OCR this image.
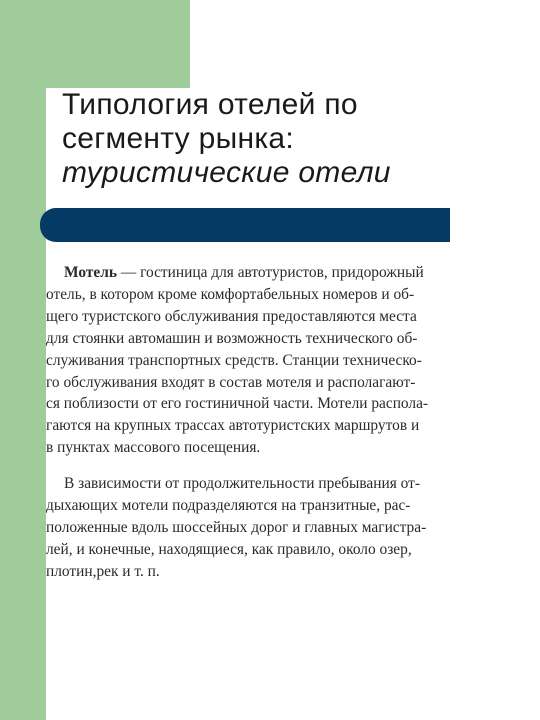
Типология отелей по
сегменту рынка:
туристические отели

Мотель — гостиница для автотуристов, придорожный
отель, в котором кроме комфортабельных номеров и об-
щего туристского обслуживания предоставляются места
для стоянки автомашин и возможность технического об-
служивания транспортных средств. Станции техническо-
го обслуживания входят в состав мотеля и располагают-
ся поблизости от его гостиничной части. Мотели распола-
гаются на крупных трассах автотуристских маршрутов и
в пунктах массового посещения.

В зависимости от продолжительности пребывания от-
дыхающих мотели подразделяются на транзитные, рас-
положенные вдоль шоссейных дорог и главных магистра-
лей, и конечные, находящиеся, как правило, около озер,
плотин,рек и т. п.
